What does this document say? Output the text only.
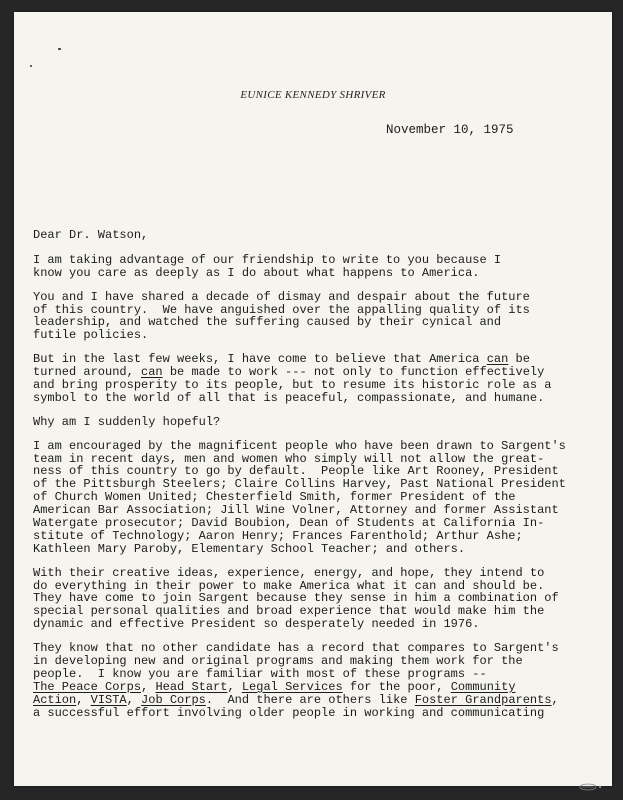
EUNICE KENNEDY SHRIVER
November 10, 1975
Dear Dr. Watson,
I am taking advantage of our friendship to write to you because I
know you care as deeply as I do about what happens to America.
You and I have shared a decade of dismay and despair about the future
of this country.  We have anguished over the appalling quality of its
leadership, and watched the suffering caused by their cynical and
futile policies.
But in the last few weeks, I have come to believe that America can be
turned around, can be made to work --- not only to function effectively
and bring prosperity to its people, but to resume its historic role as a
symbol to the world of all that is peaceful, compassionate, and humane.
Why am I suddenly hopeful?
I am encouraged by the magnificent people who have been drawn to Sargent's
team in recent days, men and women who simply will not allow the great-
ness of this country to go by default.  People like Art Rooney, President
of the Pittsburgh Steelers; Claire Collins Harvey, Past National President
of Church Women United; Chesterfield Smith, former President of the
American Bar Association; Jill Wine Volner, Attorney and former Assistant
Watergate prosecutor; David Boubion, Dean of Students at California In-
stitute of Technology; Aaron Henry; Frances Farenthold; Arthur Ashe;
Kathleen Mary Paroby, Elementary School Teacher; and others.
With their creative ideas, experience, energy, and hope, they intend to
do everything in their power to make America what it can and should be.
They have come to join Sargent because they sense in him a combination of
special personal qualities and broad experience that would make him the
dynamic and effective President so desperately needed in 1976.
They know that no other candidate has a record that compares to Sargent's
in developing new and original programs and making them work for the
people.  I know you are familiar with most of these programs --
The Peace Corps, Head Start, Legal Services for the poor, Community
Action, VISTA, Job Corps.  And there are others like Foster Grandparents,
a successful effort involving older people in working and communicating
